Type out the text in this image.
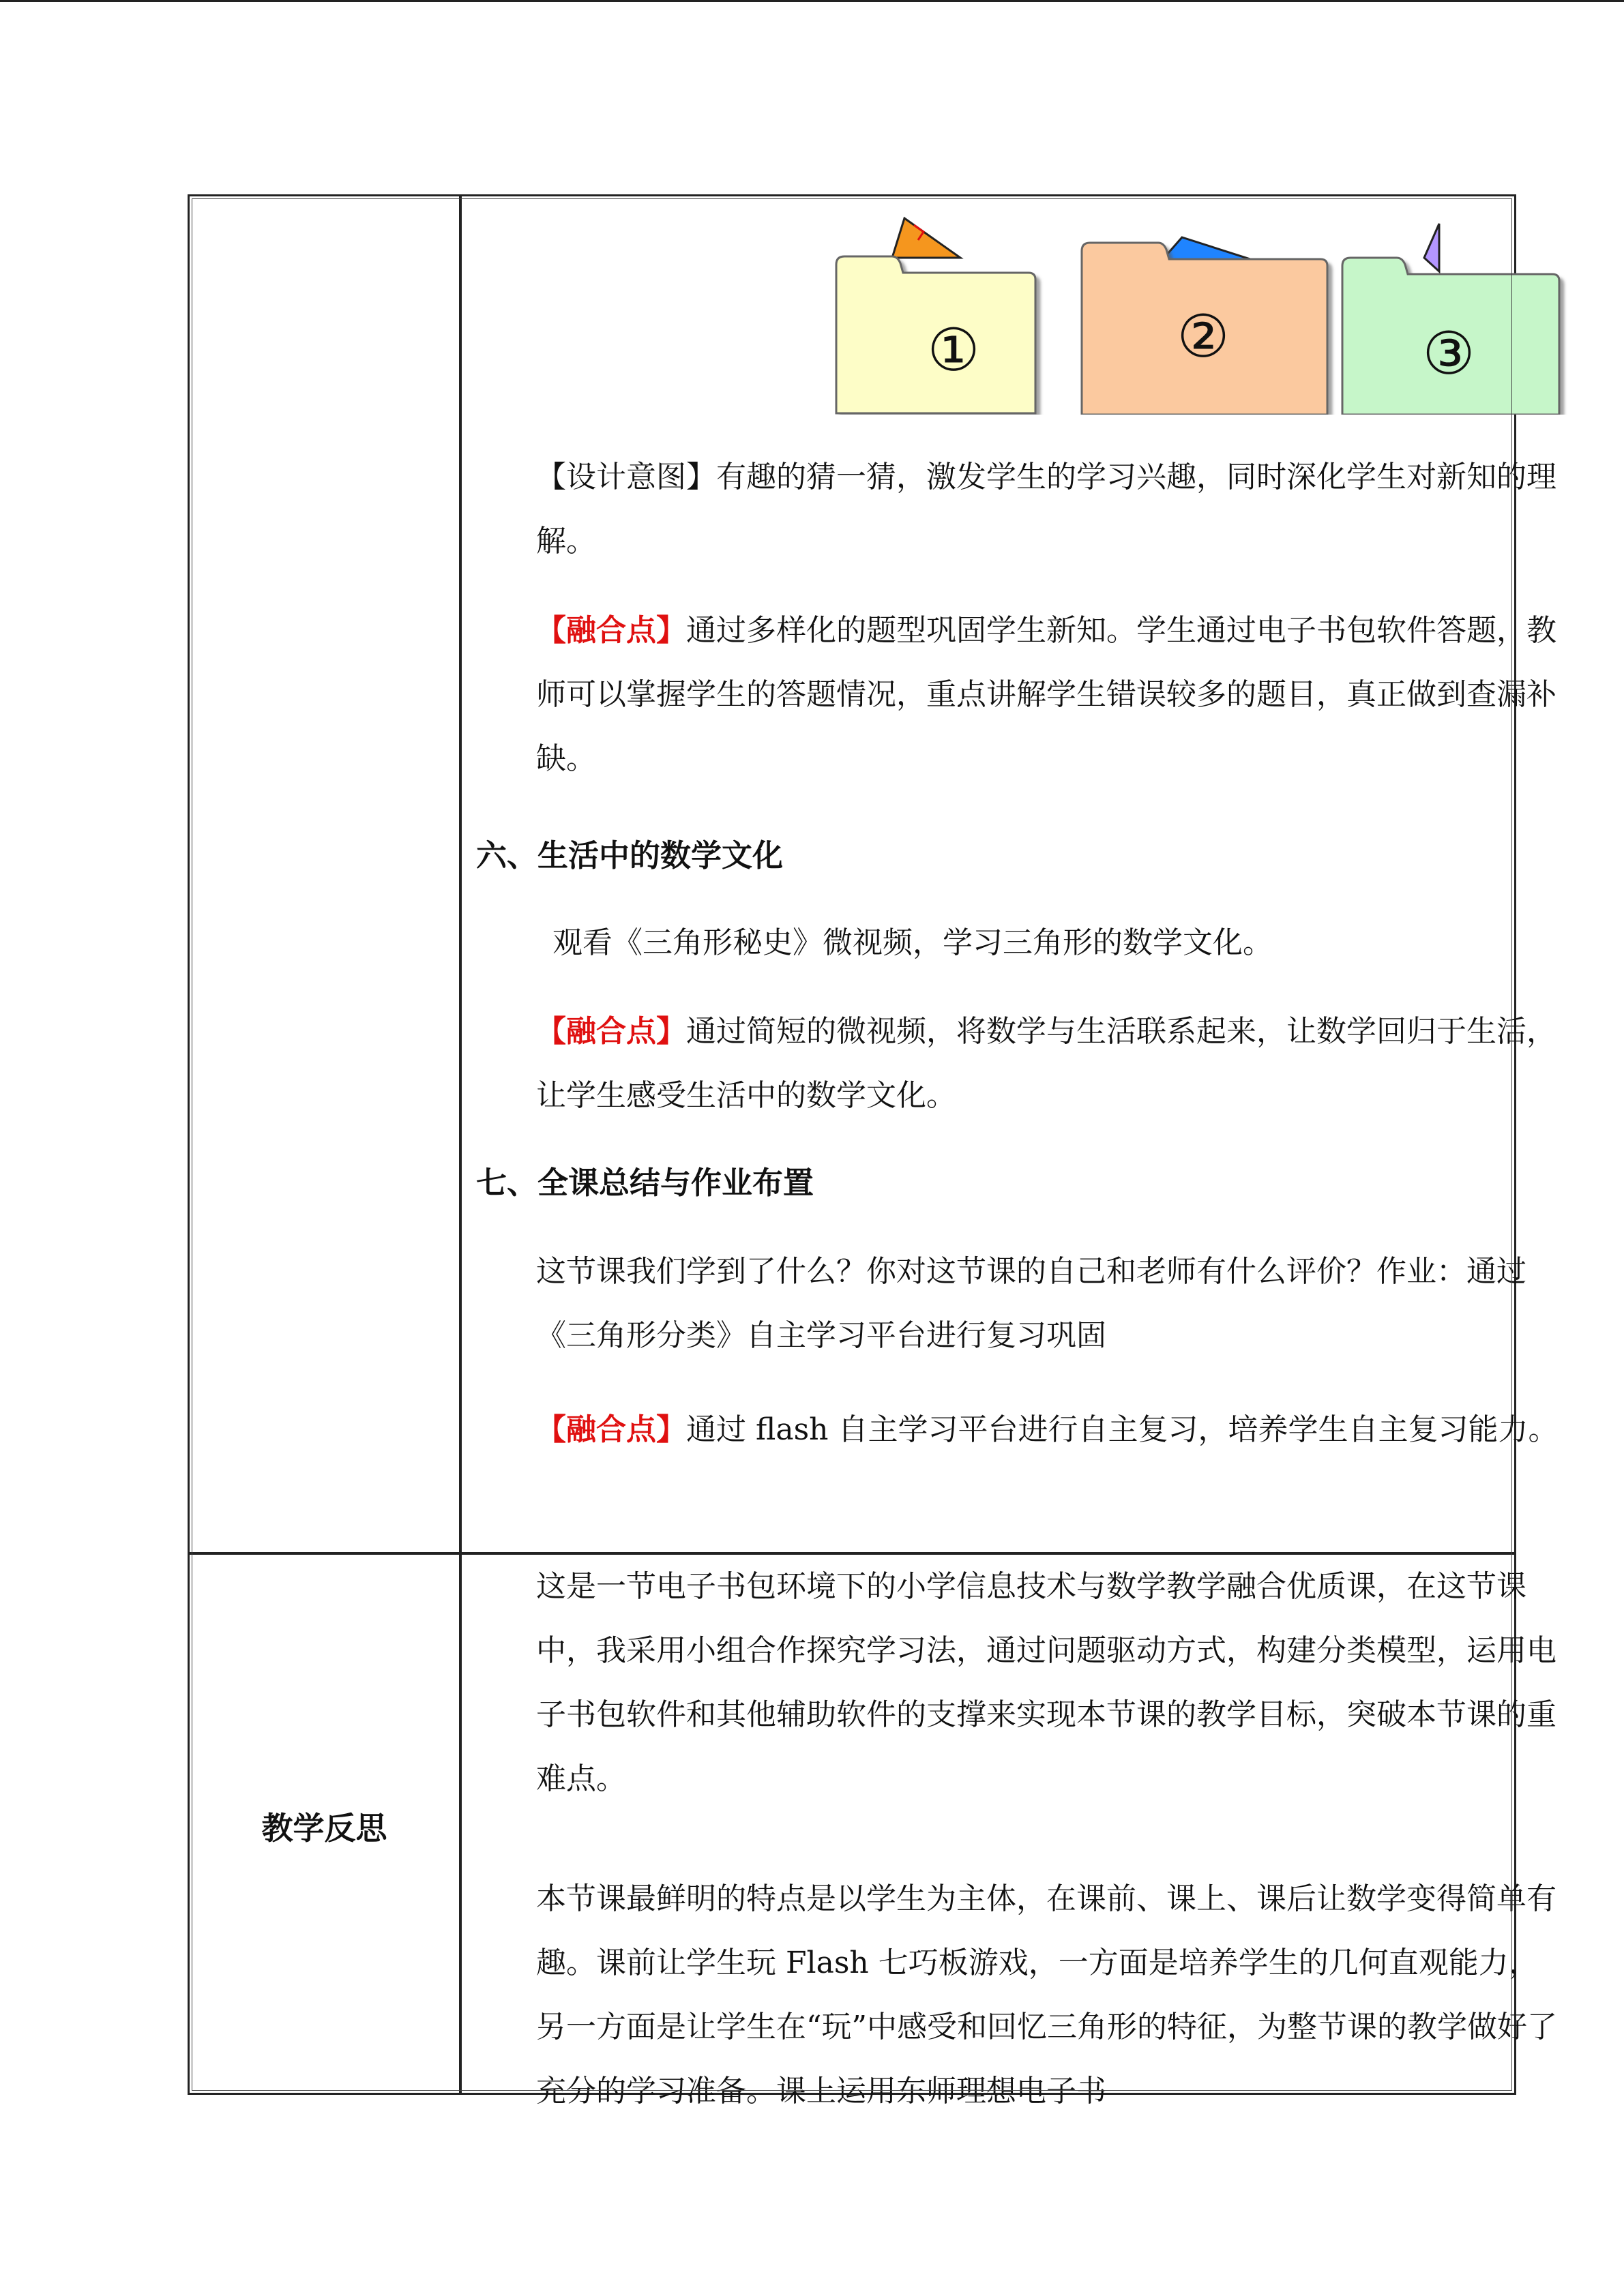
①	②	③

【设计意图】有趣的猜一猜，激发学生的学习兴趣，同时深化学生对新知的理解。

【融合点】通过多样化的题型巩固学生新知。学生通过电子书包软件答题，教师可以掌握学生的答题情况，重点讲解学生错误较多的题目，真正做到查漏补缺。

六、生活中的数学文化

观看《三角形秘史》微视频，学习三角形的数学文化。

【融合点】通过简短的微视频，将数学与生活联系起来，让数学回归于生活，让学生感受生活中的数学文化。

七、全课总结与作业布置

这节课我们学到了什么？你对这节课的自己和老师有什么评价？作业：通过《三角形分类》自主学习平台进行复习巩固

【融合点】通过 flash 自主学习平台进行自主复习，培养学生自主复习能力。

教学反思

这是一节电子书包环境下的小学信息技术与数学教学融合优质课，在这节课中，我采用小组合作探究学习法，通过问题驱动方式，构建分类模型，运用电子书包软件和其他辅助软件的支撑来实现本节课的教学目标，突破本节课的重难点。

本节课最鲜明的特点是以学生为主体，在课前、课上、课后让数学变得简单有趣。课前让学生玩 Flash 七巧板游戏，一方面是培养学生的几何直观能力，另一方面是让学生在“玩”中感受和回忆三角形的特征，为整节课的教学做好了充分的学习准备。课上运用东师理想电子书
